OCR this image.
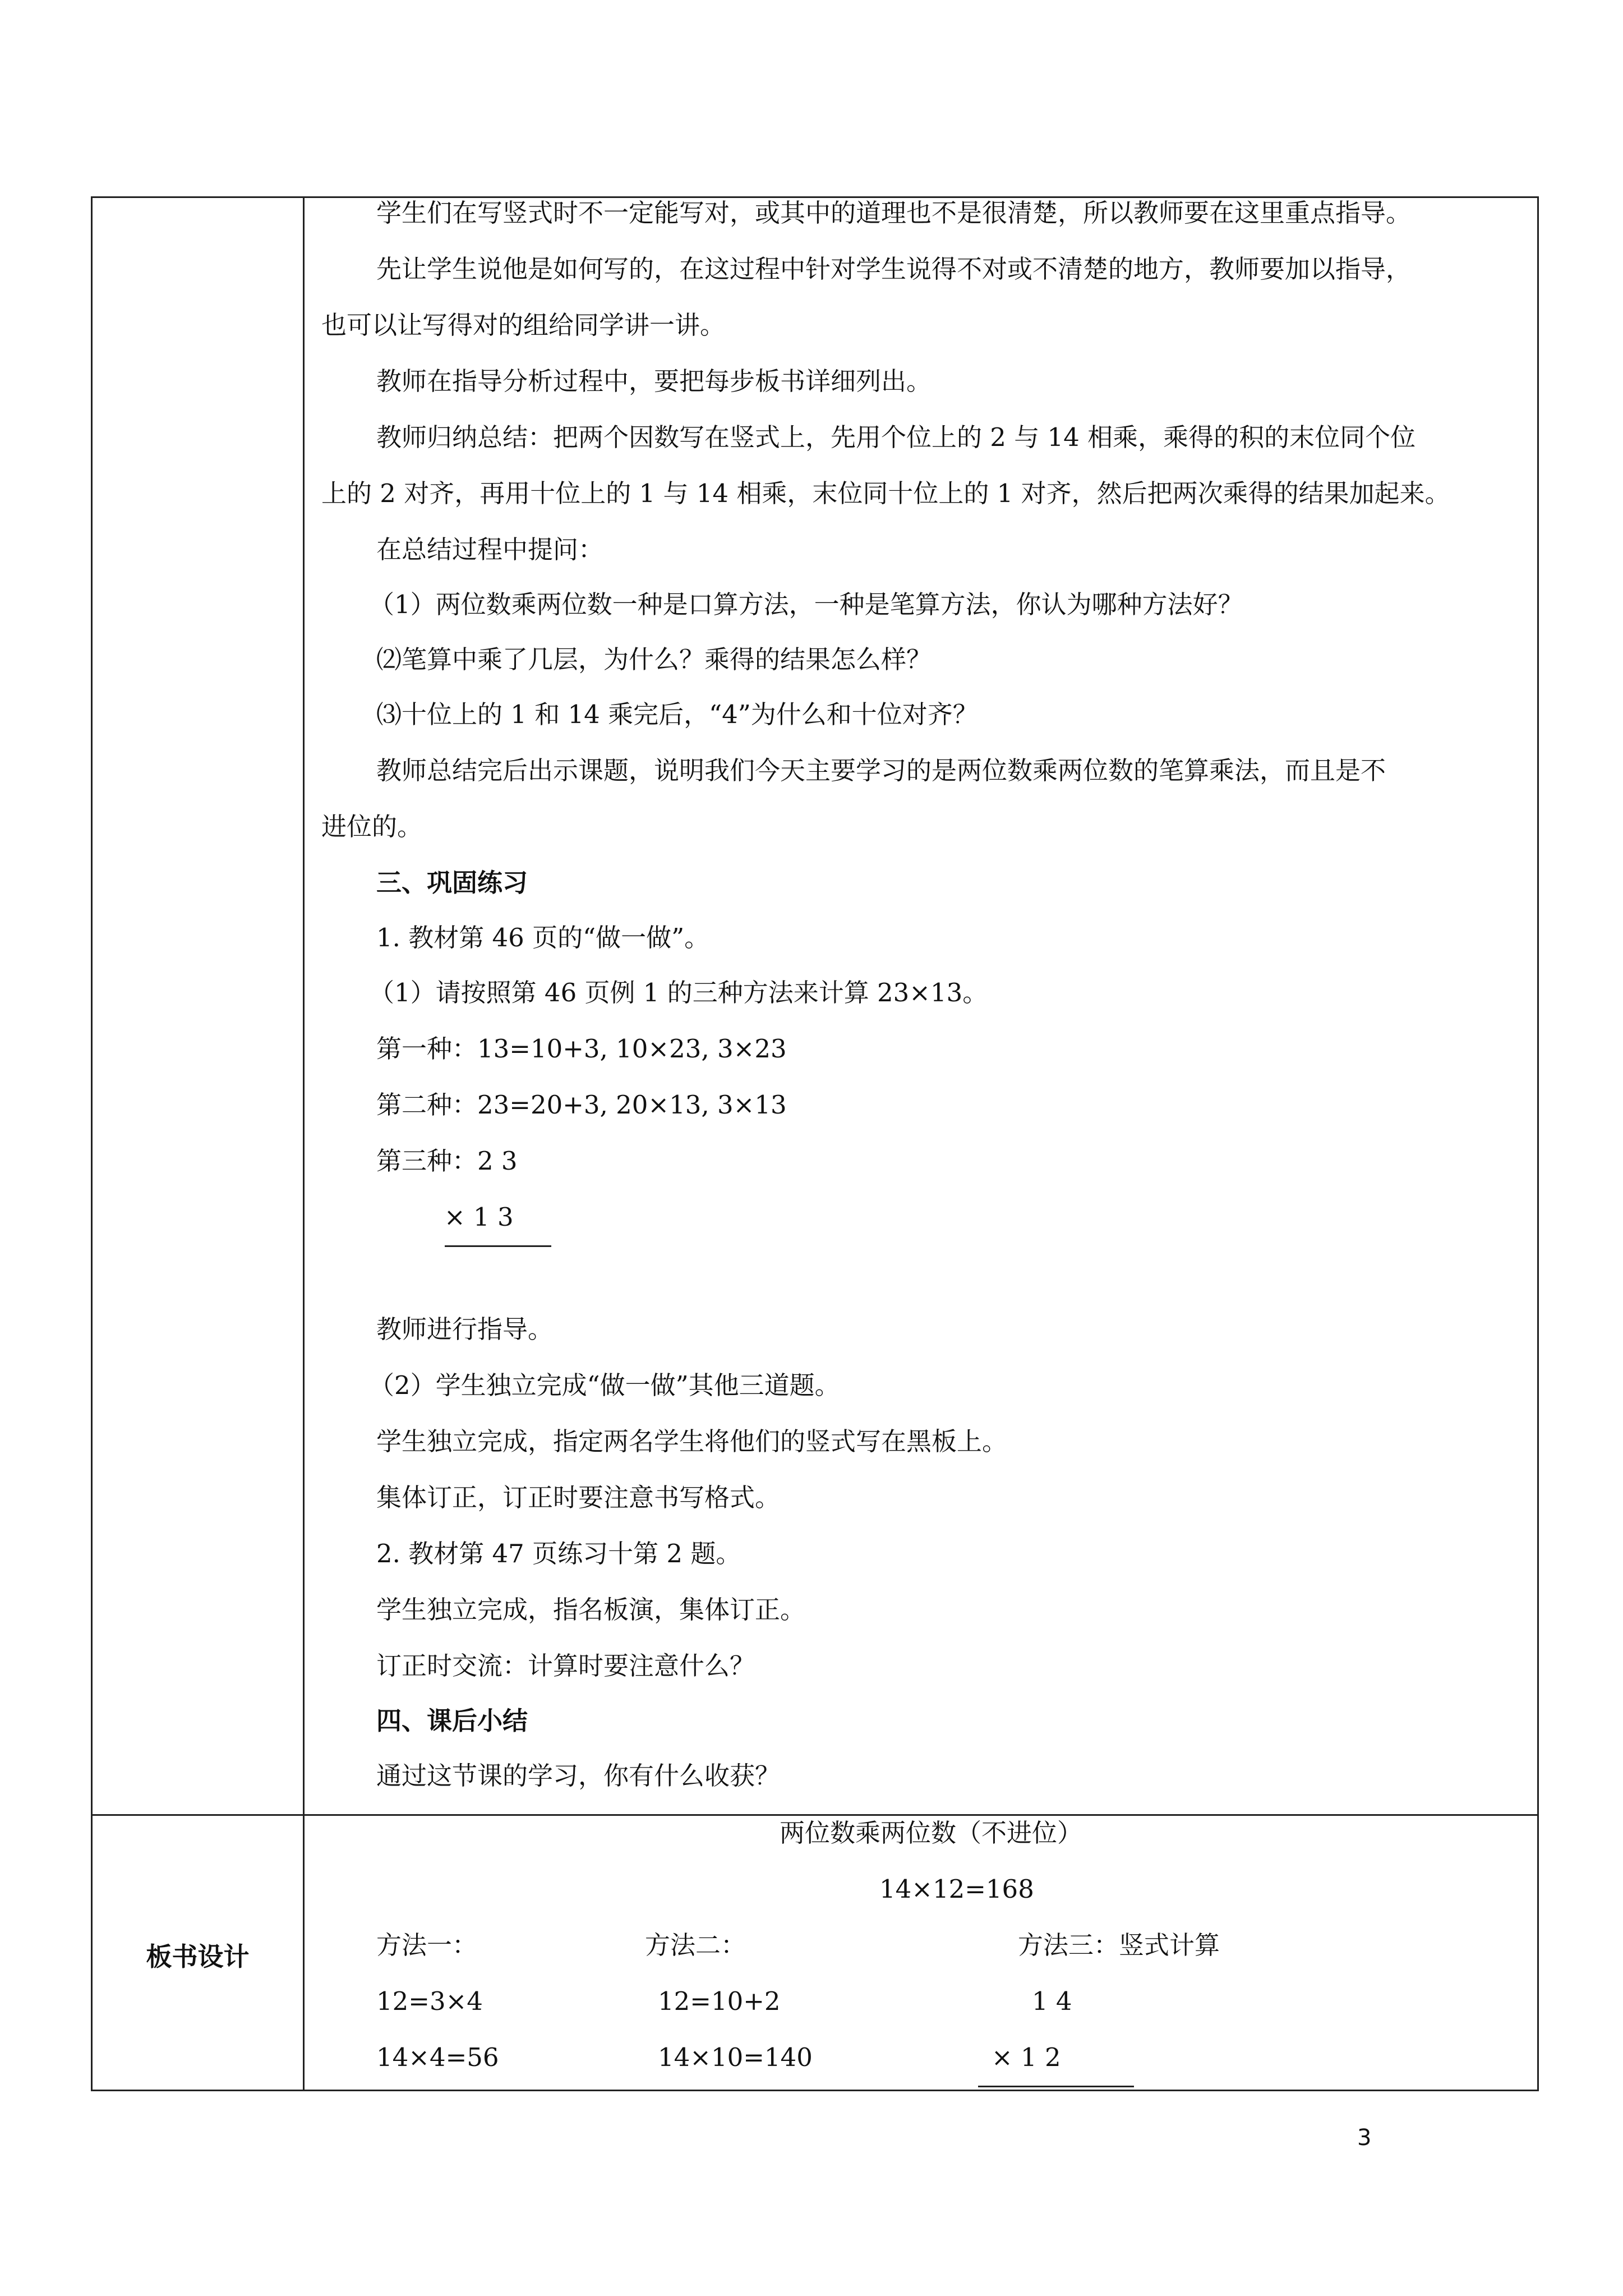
学生们在写竖式时不一定能写对，或其中的道理也不是很清楚，所以教师要在这里重点指导。
先让学生说他是如何写的，在这过程中针对学生说得不对或不清楚的地方，教师要加以指导，
也可以让写得对的组给同学讲一讲。
教师在指导分析过程中，要把每步板书详细列出。
教师归纳总结：把两个因数写在竖式上，先用个位上的 2 与 14 相乘，乘得的积的末位同个位
上的 2 对齐，再用十位上的 1 与 14 相乘，末位同十位上的 1 对齐，然后把两次乘得的结果加起来。
在总结过程中提问：
（1）两位数乘两位数一种是口算方法，一种是笔算方法，你认为哪种方法好？
⑵笔算中乘了几层，为什么？乘得的结果怎么样？
⑶十位上的 1 和 14 乘完后，“4”为什么和十位对齐？
教师总结完后出示课题，说明我们今天主要学习的是两位数乘两位数的笔算乘法，而且是不
进位的。
三、巩固练习
1. 教材第 46 页的“做一做”。
（1）请按照第 46 页例 1 的三种方法来计算 23×13。
第一种：13=10+3, 10×23, 3×23
第二种：23=20+3, 20×13, 3×13
第三种：2 3
× 1 3
教师进行指导。
（2）学生独立完成“做一做”其他三道题。
学生独立完成，指定两名学生将他们的竖式写在黑板上。
集体订正，订正时要注意书写格式。
2. 教材第 47 页练习十第 2 题。
学生独立完成，指名板演，集体订正。
订正时交流：计算时要注意什么？
四、课后小结
通过这节课的学习，你有什么收获？
板书设计
两位数乘两位数（不进位）
14×12=168
方法一：	方法二：	方法三：竖式计算
12=3×4	12=10+2	1 4
14×4=56	14×10=140	× 1 2
3
